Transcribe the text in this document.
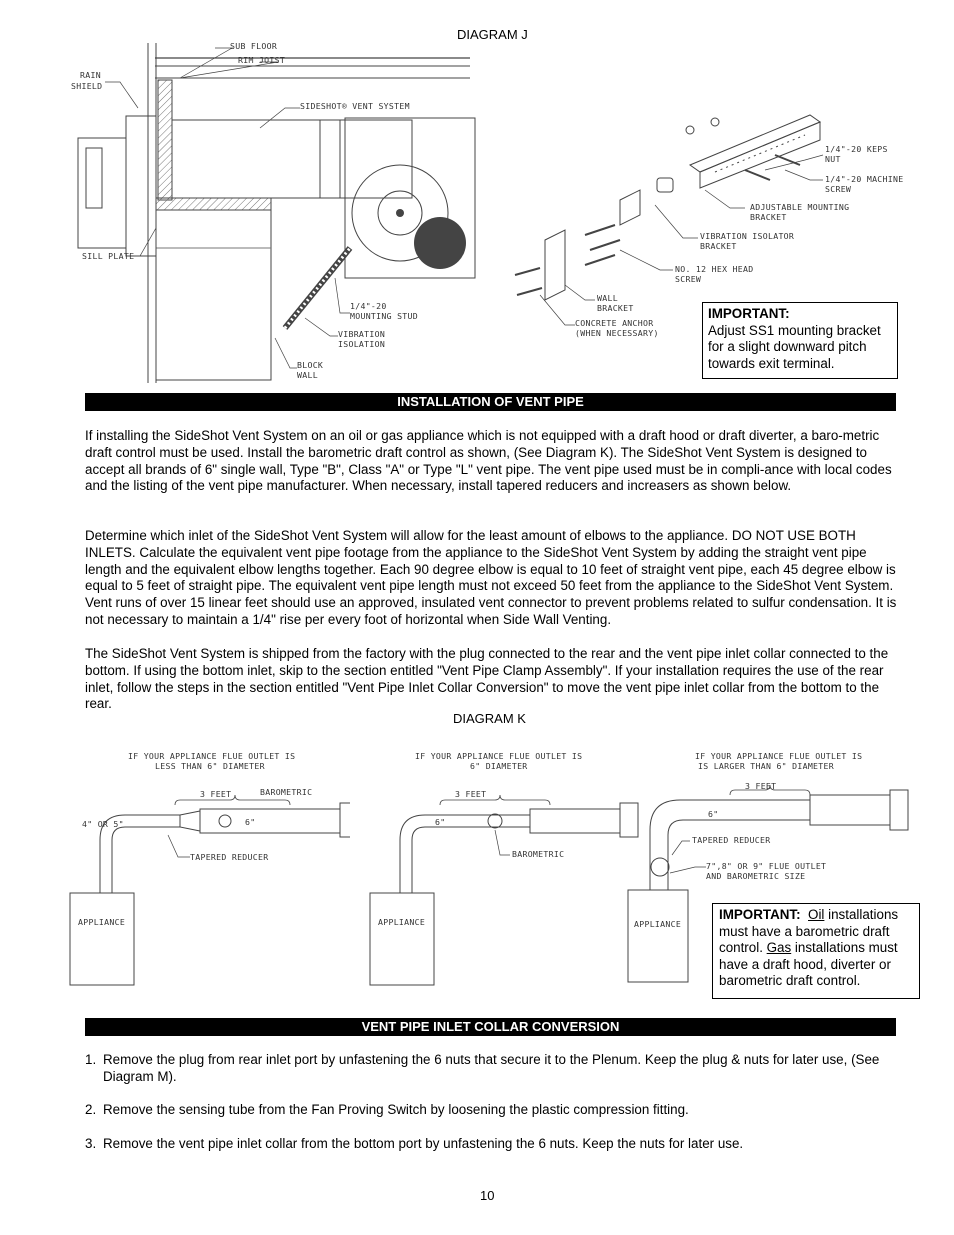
DIAGRAM J
SUB FLOOR
RIM JOIST
RAIN
SHIELD
SIDESHOT® VENT SYSTEM
SILL PLATE
1/4"-20
MOUNTING STUD
VIBRATION
ISOLATION
BLOCK
WALL
1/4"-20 KEPS
NUT
1/4"-20 MACHINE
SCREW
ADJUSTABLE MOUNTING
BRACKET
VIBRATION ISOLATOR
BRACKET
NO. 12 HEX HEAD
SCREW
WALL
BRACKET
CONCRETE ANCHOR
(WHEN NECESSARY)
IMPORTANT:
Adjust SS1 mounting bracket for a slight downward pitch towards exit terminal.
INSTALLATION OF VENT PIPE
If installing the SideShot Vent System on an oil or gas appliance which is not equipped with a draft hood or draft diverter, a baro-metric draft control must be used. Install the barometric draft control as shown, (See Diagram K). The SideShot Vent System is designed to accept all brands of 6" single wall, Type "B", Class "A" or Type "L" vent pipe. The vent pipe used must be in compli-ance with local codes and the listing of the vent pipe manufacturer. When necessary, install tapered reducers and increasers as shown below.
Determine which inlet of the SideShot Vent System will allow for the least amount of elbows to the appliance. DO NOT USE BOTH INLETS. Calculate the equivalent vent pipe footage from the appliance to the SideShot Vent System by adding the straight vent pipe length and the equivalent elbow lengths together. Each 90 degree elbow is equal to 10 feet of straight vent pipe, each 45 degree elbow is equal to 5 feet of straight pipe. The equivalent vent pipe length must not exceed 50 feet from the appliance to the SideShot Vent System. Vent runs of over 15 linear feet should use an approved, insulated vent connector to prevent problems related to sulfur condensation. It is not necessary to maintain a 1/4" rise per every foot of horizontal when Side Wall Venting.
The SideShot Vent System is shipped from the factory with the plug connected to the rear and the vent pipe inlet collar connected to the bottom. If using the bottom inlet, skip to the section entitled "Vent Pipe Clamp Assembly". If your installation requires the use of the rear inlet, follow the steps in the section entitled "Vent Pipe Inlet Collar Conversion" to move the vent pipe inlet collar from the bottom to the rear.
DIAGRAM K
IF YOUR APPLIANCE FLUE OUTLET IS
LESS THAN 6" DIAMETER
3 FEET	BAROMETRIC
4" OR 5"	6"
TAPERED REDUCER
APPLIANCE
IF YOUR APPLIANCE FLUE OUTLET IS
6" DIAMETER
3 FEET
6"
BAROMETRIC
APPLIANCE
IF YOUR APPLIANCE FLUE OUTLET IS
IS LARGER THAN 6" DIAMETER
3 FEET
6"
TAPERED REDUCER
7",8" OR 9" FLUE OUTLET
AND BAROMETRIC SIZE
APPLIANCE
IMPORTANT: Oil installations must have a barometric draft control. Gas installations must have a draft hood, diverter or barometric draft control.
VENT PIPE INLET COLLAR CONVERSION
1. Remove the plug from rear inlet port by unfastening the 6 nuts that secure it to the Plenum. Keep the plug & nuts for later use, (See Diagram M).
2. Remove the sensing tube from the Fan Proving Switch by loosening the plastic compression fitting.
3. Remove the vent pipe inlet collar from the bottom port by unfastening the 6 nuts. Keep the nuts for later use.
10
